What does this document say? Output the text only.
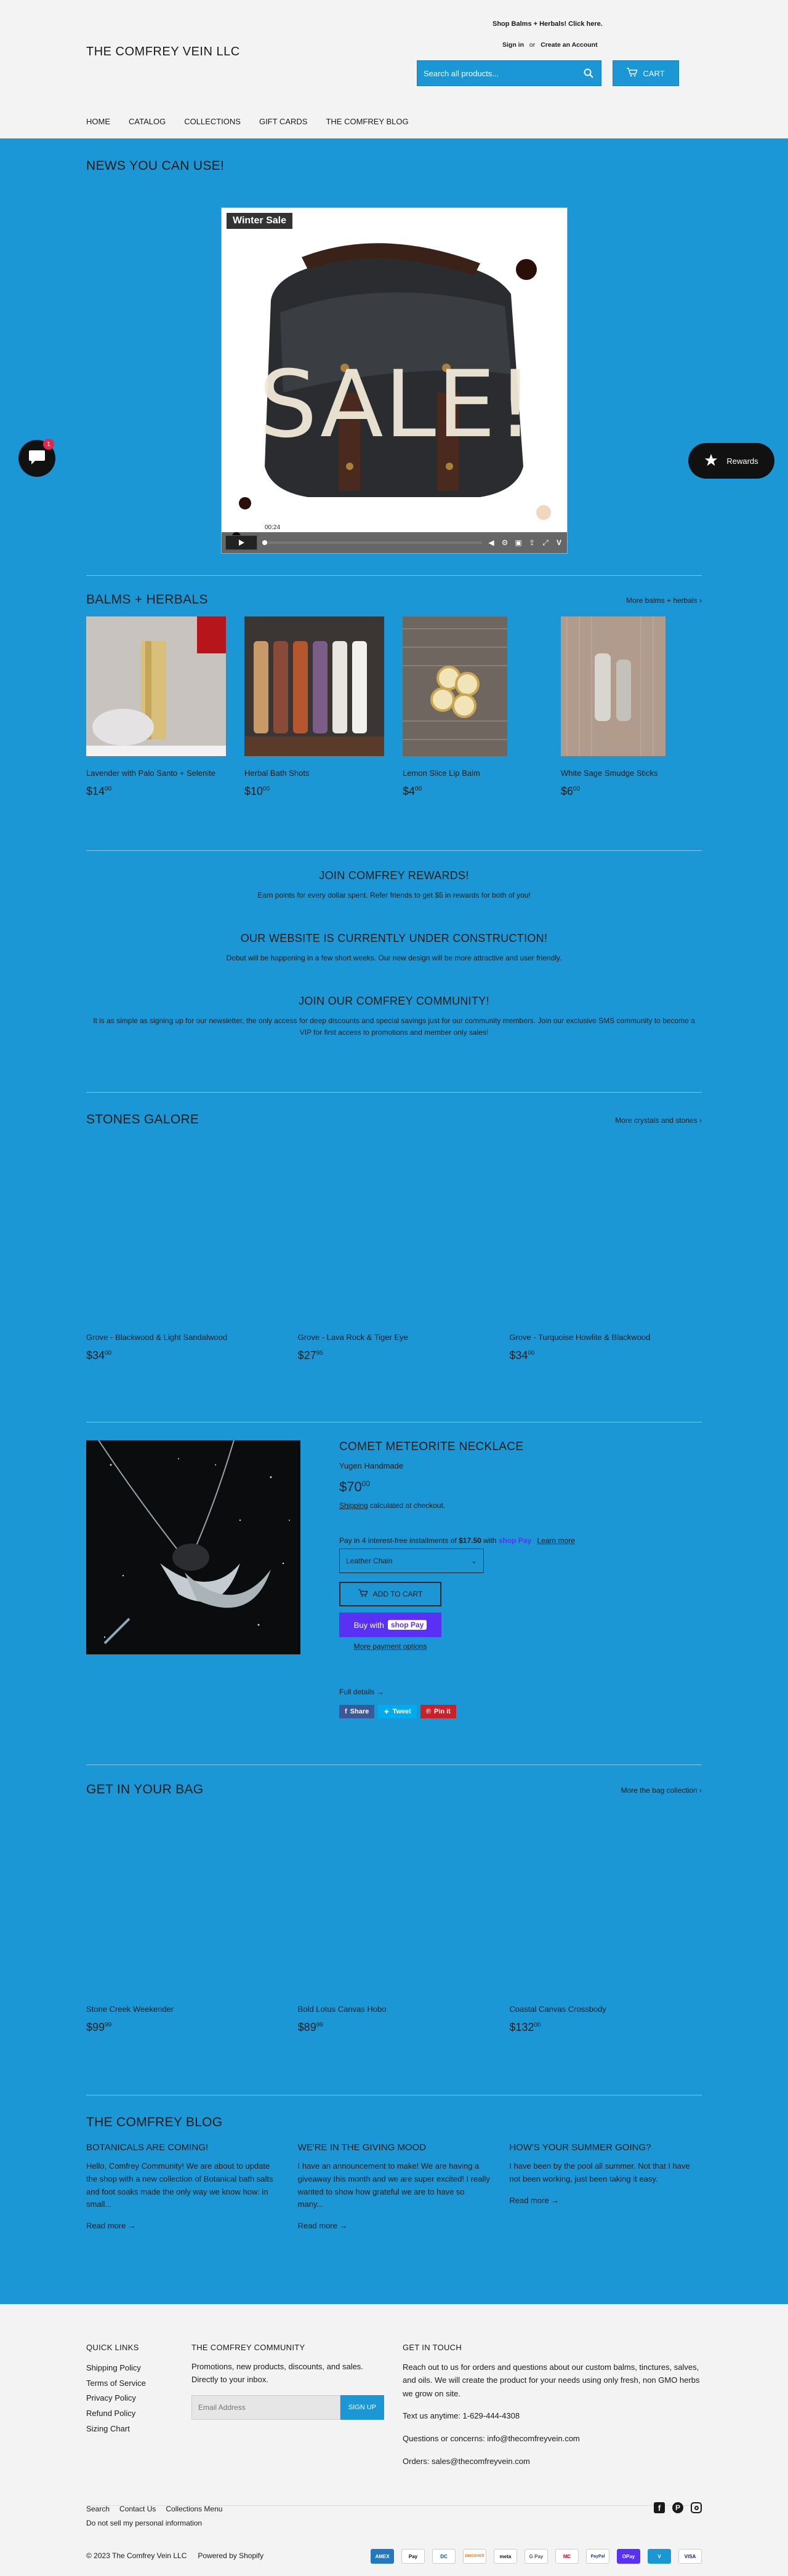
Shop Balms + Herbals! Click here.
THE COMFREY VEIN LLC	Sign in or Create an Account
Search all products...
CART
HOME CATALOG COLLECTIONS GIFT CARDS THE COMFREY BLOG
NEWS YOU CAN USE!
SALE!
Winter Sale
00:24
◀ ⚙ ▣ ⇪ ⤢ V
BALMS + HERBALS	More balms + herbals ›
Lavender with Palo Santo + Selenite
$\$14^{00}$
Herbal Bath Shots
$\$10^{00}$
Lemon Slice Lip Balm
$\$4^{00}$
White Sage Smudge Sticks
$\$6^{00}$
JOIN COMFREY REWARDS!

Earn points for every dollar spent. Refer friends to get $5 in rewards for both of you!

OUR WEBSITE IS CURRENTLY UNDER CONSTRUCTION!

Debut will be happening in a few short weeks. Our new design will be more attractive and user friendly.

JOIN OUR COMFREY COMMUNITY!

It is as simple as signing up for our newsletter, the only access for deep discounts and special savings just for our community members. Join our exclusive SMS community to become a VIP for first access to promotions and member only sales!

STONES GALORE	More crystals and stones ›
Grove - Blackwood & Light Sandalwood
$\$34^{00}$
Grove - Lava Rock & Tiger Eye
$\$27^{95}$
Grove - Turquoise Howlite & Blackwood
$\$34^{00}$
COMET METEORITE NECKLACE
Yugen Handmade
$\$70^{00}$
Shipping calculated at checkout.
Pay in 4 interest-free installments of $17.50 with shop Pay Learn more
Leather Chain	⌄
ADD TO CART
Buy with shop Pay
More payment options
Full details →
f Share ✦ Tweet ℗ Pin it
GET IN YOUR BAG	More the bag collection ›
Stone Creek Weekender
$\$99^{99}$
Bold Lotus Canvas Hobo
$\$89^{99}$
Coastal Canvas Crossbody
$\$132^{00}$
THE COMFREY BLOG
BOTANICALS ARE COMING!

Hello, Comfrey Community! We are about to update the shop with a new collection of Botanical bath salts and foot soaks made the only way we know how: in small...

Read more →
WE'RE IN THE GIVING MOOD

I have an announcement to make! We are having a giveaway this month and we are super excited! I really wanted to show how grateful we are to have so many...

Read more →
HOW'S YOUR SUMMER GOING?

I have been by the pool all summer. Not that I have not been working, just been taking it easy.

Read more →
QUICK LINKS
Shipping Policy
Terms of Service
Privacy Policy
Refund Policy
Sizing Chart
THE COMFREY COMMUNITY

Promotions, new products, discounts, and sales. Directly to your inbox.

Email Address
SIGN UP
GET IN TOUCH

Reach out to us for orders and questions about our custom balms, tinctures, salves, and oils. We will create the product for your needs using only fresh, non GMO herbs we grow on site.

Text us anytime: 1-629-444-4308

Questions or concerns: info@thecomfreyvein.com

Orders: sales@thecomfreyvein.com

Search Contact Us Collections Menu
Do not sell my personal information
f	P
© 2023 The Comfrey Vein LLC Powered by Shopify	AMEX	Pay	DC	DISCOVER	meta	G Pay	MC	PayPal	OPay	V	VISA
1
Rewards
